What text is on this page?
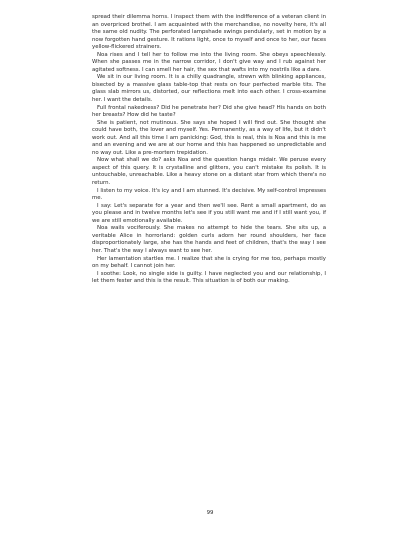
spread their dilemma horns. I inspect them with the indifference of a veteran client in an overpriced brothel. I am acquainted with the merchandise, no novelty here, it's all the same old nudity. The perforated lampshade swings pendularly, set in motion by a now forgotten hand gesture. It rations light, once to myself and once to her, our faces yellow-flickered strainers.

Noa rises and I tell her to follow me into the living room. She obeys speechlessly. When she passes me in the narrow corridor, I don't give way and I rub against her agitated softness. I can smell her hair, the sex that wafts into my nostrils like a dare.

We sit in our living room. It is a chilly quadrangle, strewn with blinking appliances, bisected by a massive glass table-top that rests on four perfected marble tits. The glass slab mirrors us, distorted, our reflections melt into each other. I cross-examine her. I want the details.

Full frontal nakedness? Did he penetrate her? Did she give head? His hands on both her breasts? How did he taste?

She is patient, not mutinous. She says she hoped I will find out. She thought she could have both, the lover and myself. Yes. Permanently, as a way of life, but it didn't work out. And all this time I am panicking: God, this is real, this is Noa and this is me and an evening and we are at our home and this has happened so unpredictable and no way out. Like a pre-mortem trepidation.

Now what shall we do? asks Noa and the question hangs midair. We peruse every aspect of this query. It is crystalline and glitters, you can't mistake its polish. It is untouchable, unreachable. Like a heavy stone on a distant star from which there's no return.

I listen to my voice. It's icy and I am stunned. It's decisive. My self-control impresses me.

I say: Let's separate for a year and then we'll see. Rent a small apartment, do as you please and in twelve months let's see if you still want me and if I still want you, if we are still emotionally available.

Noa wails vociferously. She makes no attempt to hide the tears. She sits up, a veritable Alice in horrorland: golden curls adorn her round shoulders, her face disproportionately large, she has the hands and feet of children, that's the way I see her. That's the way I always want to see her.

Her lamentation startles me. I realize that she is crying for me too, perhaps mostly on my behalf. I cannot join her.

I soothe: Look, no single side is guilty. I have neglected you and our relationship, I let them fester and this is the result. This situation is of both our making.

99
